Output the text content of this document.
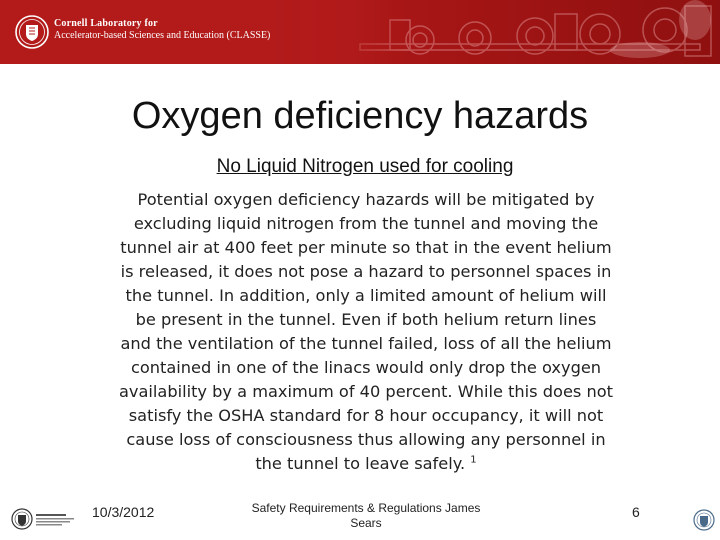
Cornell Laboratory for
Accelerator-based Sciences and Education (CLASSE)
Oxygen deficiency hazards
No Liquid Nitrogen used for cooling
Potential oxygen deficiency hazards will be mitigated by excluding liquid nitrogen from the tunnel and moving the tunnel air at 400 feet per minute so that in the event helium is released, it does not pose a hazard to personnel spaces in the tunnel. In addition, only a limited amount of helium will be present in the tunnel. Even if both helium return lines and the ventilation of the tunnel failed, loss of all the helium contained in one of the linacs would only drop the oxygen availability by a maximum of 40 percent. While this does not satisfy the OSHA standard for 8 hour occupancy, it will not cause loss of consciousness thus allowing any personnel in the tunnel to leave safely. $^1$
10/3/2012	Safety Requirements & Regulations James Sears
6
